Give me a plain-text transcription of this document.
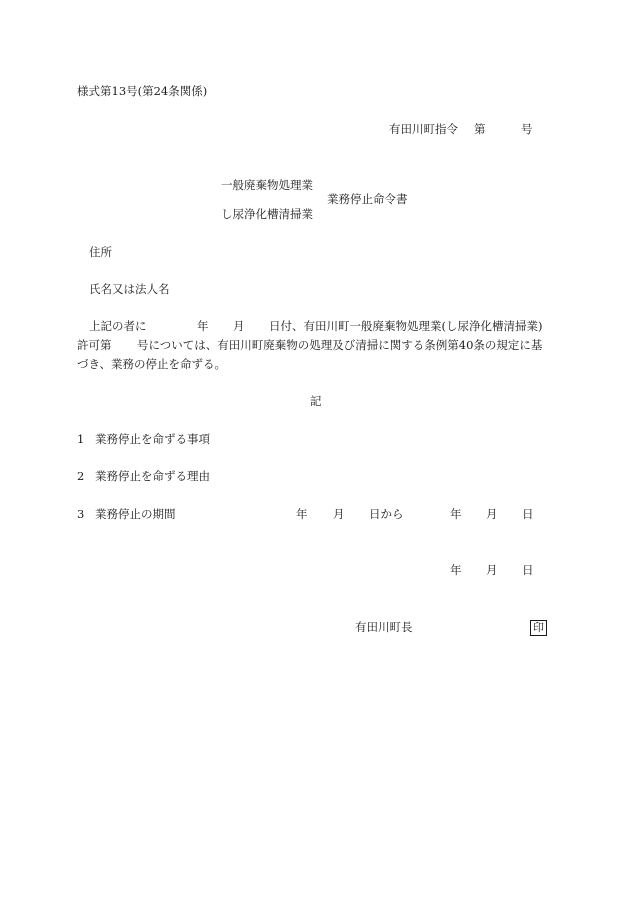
様式第13号(第24条関係)
有田川町指令 第	号
一般廃棄物処理業
業務停止命令書
し尿浄化槽清掃業
住所
氏名又は法人名
上記の者に	年 月 日付、有田川町一般廃棄物処理業(し尿浄化槽清掃業)
許可第 号については、有田川町廃棄物の処理及び清掃に関する条例第40条の規定に基
づき、業務の停止を命ずる。
記
1 業務停止を命ずる事項
2 業務停止を命ずる理由
3 業務停止の期間	年 月 日から	年 月 日
年 月 日
有田川町長	印
